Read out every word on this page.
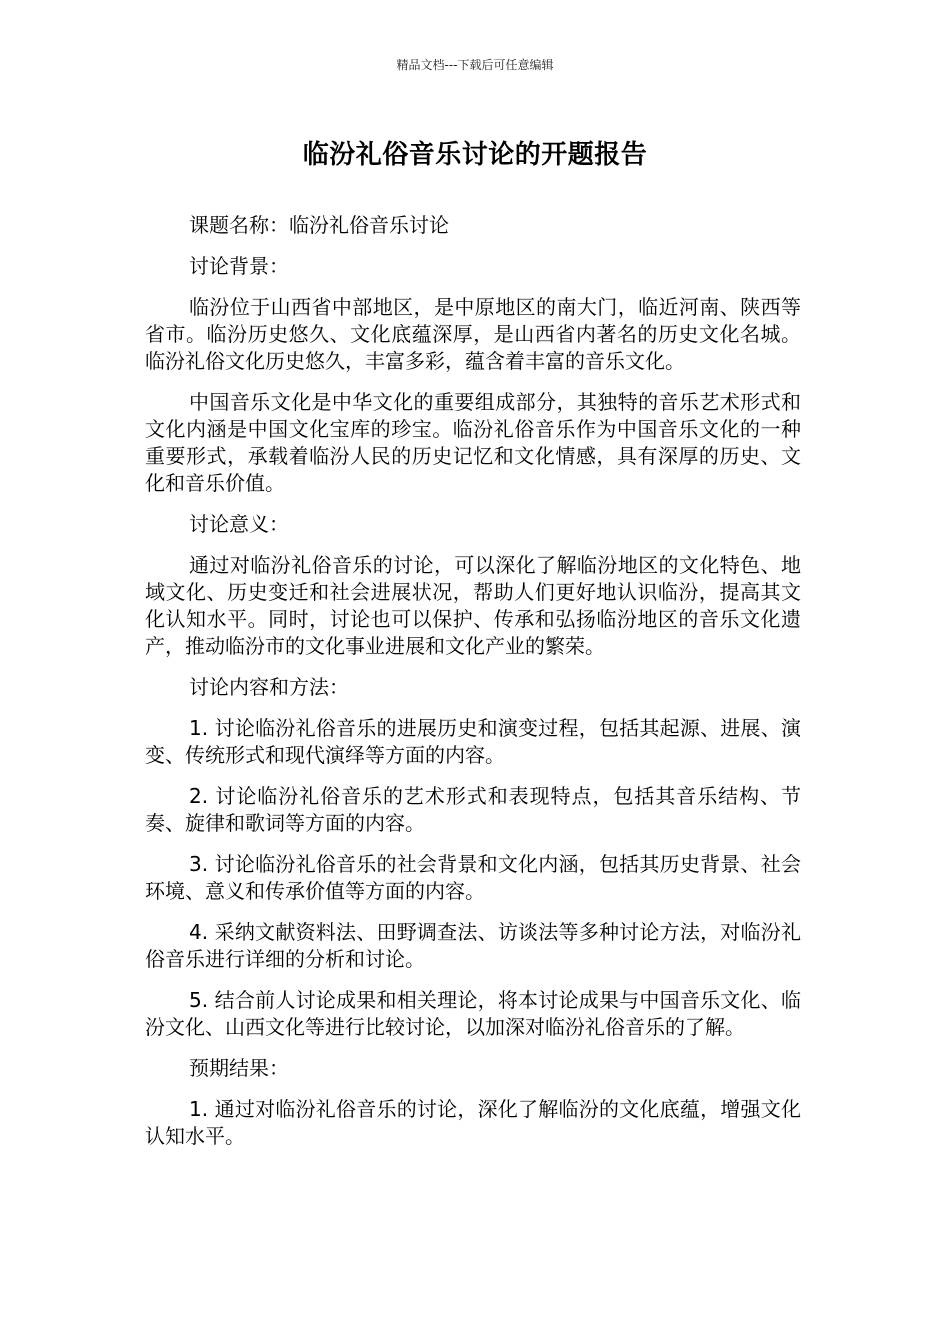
精品文档---下载后可任意编辑
临汾礼俗音乐讨论的开题报告

课题名称：临汾礼俗音乐讨论

讨论背景：

临汾位于山西省中部地区，是中原地区的南大门，临近河南、陕西等省市。临汾历史悠久、文化底蕴深厚，是山西省内著名的历史文化名城。临汾礼俗文化历史悠久，丰富多彩，蕴含着丰富的音乐文化。

中国音乐文化是中华文化的重要组成部分，其独特的音乐艺术形式和文化内涵是中国文化宝库的珍宝。临汾礼俗音乐作为中国音乐文化的一种重要形式，承载着临汾人民的历史记忆和文化情感，具有深厚的历史、文化和音乐价值。

讨论意义：

通过对临汾礼俗音乐的讨论，可以深化了解临汾地区的文化特色、地域文化、历史变迁和社会进展状况，帮助人们更好地认识临汾，提高其文化认知水平。同时，讨论也可以保护、传承和弘扬临汾地区的音乐文化遗产，推动临汾市的文化事业进展和文化产业的繁荣。

讨论内容和方法：

1. 讨论临汾礼俗音乐的进展历史和演变过程，包括其起源、进展、演变、传统形式和现代演绎等方面的内容。

2. 讨论临汾礼俗音乐的艺术形式和表现特点，包括其音乐结构、节奏、旋律和歌词等方面的内容。

3. 讨论临汾礼俗音乐的社会背景和文化内涵，包括其历史背景、社会环境、意义和传承价值等方面的内容。

4. 采纳文献资料法、田野调查法、访谈法等多种讨论方法，对临汾礼俗音乐进行详细的分析和讨论。

5. 结合前人讨论成果和相关理论，将本讨论成果与中国音乐文化、临汾文化、山西文化等进行比较讨论，以加深对临汾礼俗音乐的了解。

预期结果：

1. 通过对临汾礼俗音乐的讨论，深化了解临汾的文化底蕴，增强文化认知水平。
